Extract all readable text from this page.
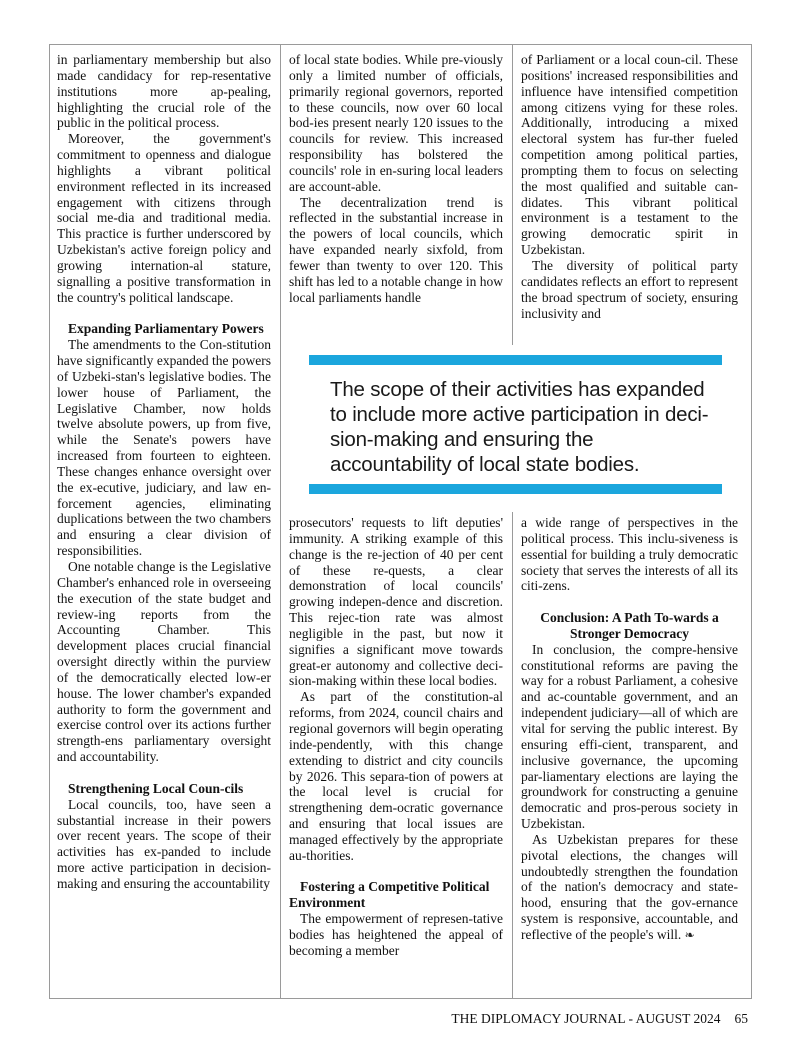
in parliamentary membership but also made candidacy for rep-resentative institutions more ap-pealing, highlighting the crucial role of the public in the political process.

Moreover, the government's commitment to openness and dialogue highlights a vibrant political environment reflected in its increased engagement with citizens through social me-dia and traditional media. This practice is further underscored by Uzbekistan's active foreign policy and growing internation-al stature, signalling a positive transformation in the country's political landscape.

Expanding Parliamentary Powers

The amendments to the Con-stitution have significantly expanded the powers of Uzbeki-stan's legislative bodies. The lower house of Parliament, the Legislative Chamber, now holds twelve absolute powers, up from five, while the Senate's powers have increased from fourteen to eighteen. These changes enhance oversight over the ex-ecutive, judiciary, and law en-forcement agencies, eliminating duplications between the two chambers and ensuring a clear division of responsibilities.

One notable change is the Legislative Chamber's enhanced role in overseeing the execution of the state budget and review-ing reports from the Accounting Chamber. This development places crucial financial oversight directly within the purview of the democratically elected low-er house. The lower chamber's expanded authority to form the government and exercise control over its actions further strength-ens parliamentary oversight and accountability.

Strengthening Local Coun-cils

Local councils, too, have seen a substantial increase in their powers over recent years. The scope of their activities has ex-panded to include more active participation in decision-making and ensuring the accountability

of local state bodies. While pre-viously only a limited number of officials, primarily regional governors, reported to these councils, now over 60 local bod-ies present nearly 120 issues to the councils for review. This increased responsibility has bolstered the councils' role in en-suring local leaders are account-able.

The decentralization trend is reflected in the substantial increase in the powers of local councils, which have expanded nearly sixfold, from fewer than twenty to over 120. This shift has led to a notable change in how local parliaments handle

of Parliament or a local coun-cil. These positions' increased responsibilities and influence have intensified competition among citizens vying for these roles. Additionally, introducing a mixed electoral system has fur-ther fueled competition among political parties, prompting them to focus on selecting the most qualified and suitable can-didates. This vibrant political environment is a testament to the growing democratic spirit in Uzbekistan.

The diversity of political party candidates reflects an effort to represent the broad spectrum of society, ensuring inclusivity and

The scope of their activities has expanded to include more active participation in deci-sion-making and ensuring the accountability of local state bodies.

prosecutors' requests to lift deputies' immunity. A striking example of this change is the re-jection of 40 per cent of these re-quests, a clear demonstration of local councils' growing indepen-dence and discretion. This rejec-tion rate was almost negligible in the past, but now it signifies a significant move towards great-er autonomy and collective deci-sion-making within these local bodies.

As part of the constitution-al reforms, from 2024, council chairs and regional governors will begin operating inde-pendently, with this change extending to district and city councils by 2026. This separa-tion of powers at the local level is crucial for strengthening dem-ocratic governance and ensuring that local issues are managed effectively by the appropriate au-thorities.

Fostering a Competitive Political Environment

The empowerment of represen-tative bodies has heightened the appeal of becoming a member

a wide range of perspectives in the political process. This inclu-siveness is essential for building a truly democratic society that serves the interests of all its citi-zens.

Conclusion: A Path To-wards a Stronger Democracy

In conclusion, the compre-hensive constitutional reforms are paving the way for a robust Parliament, a cohesive and ac-countable government, and an independent judiciary—all of which are vital for serving the public interest. By ensuring effi-cient, transparent, and inclusive governance, the upcoming par-liamentary elections are laying the groundwork for constructing a genuine democratic and pros-perous society in Uzbekistan.

As Uzbekistan prepares for these pivotal elections, the changes will undoubtedly strengthen the foundation of the nation's democracy and state-hood, ensuring that the gov-ernance system is responsive, accountable, and reflective of the people's will. ❧

THE DIPLOMACY JOURNAL - AUGUST 2024 65
